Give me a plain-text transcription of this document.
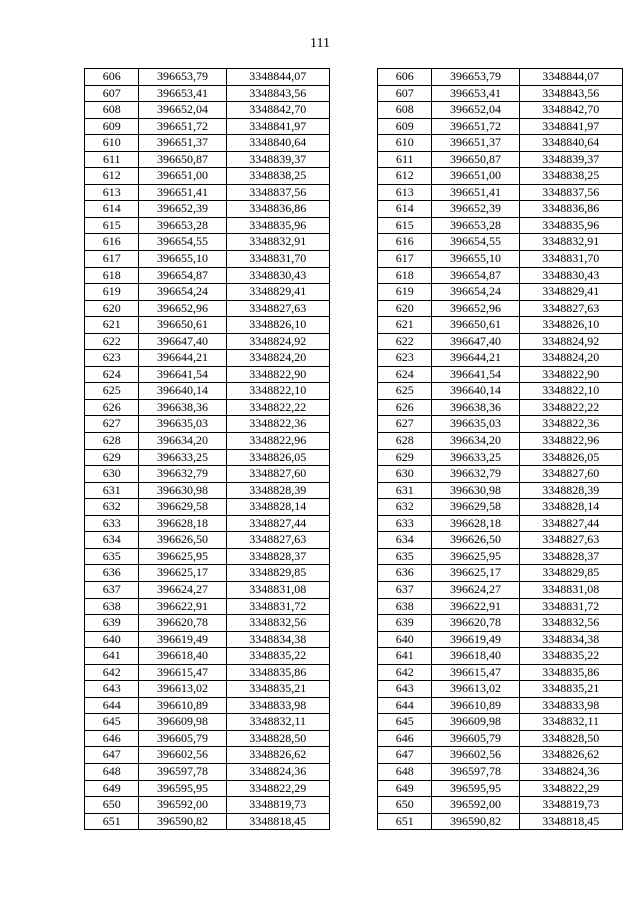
111
606	396653,79	3348844,07
607	396653,41	3348843,56
608	396652,04	3348842,70
609	396651,72	3348841,97
610	396651,37	3348840,64
611	396650,87	3348839,37
612	396651,00	3348838,25
613	396651,41	3348837,56
614	396652,39	3348836,86
615	396653,28	3348835,96
616	396654,55	3348832,91
617	396655,10	3348831,70
618	396654,87	3348830,43
619	396654,24	3348829,41
620	396652,96	3348827,63
621	396650,61	3348826,10
622	396647,40	3348824,92
623	396644,21	3348824,20
624	396641,54	3348822,90
625	396640,14	3348822,10
626	396638,36	3348822,22
627	396635,03	3348822,36
628	396634,20	3348822,96
629	396633,25	3348826,05
630	396632,79	3348827,60
631	396630,98	3348828,39
632	396629,58	3348828,14
633	396628,18	3348827,44
634	396626,50	3348827,63
635	396625,95	3348828,37
636	396625,17	3348829,85
637	396624,27	3348831,08
638	396622,91	3348831,72
639	396620,78	3348832,56
640	396619,49	3348834,38
641	396618,40	3348835,22
642	396615,47	3348835,86
643	396613,02	3348835,21
644	396610,89	3348833,98
645	396609,98	3348832,11
646	396605,79	3348828,50
647	396602,56	3348826,62
648	396597,78	3348824,36
649	396595,95	3348822,29
650	396592,00	3348819,73
651	396590,82	3348818,45
606	396653,79	3348844,07
607	396653,41	3348843,56
608	396652,04	3348842,70
609	396651,72	3348841,97
610	396651,37	3348840,64
611	396650,87	3348839,37
612	396651,00	3348838,25
613	396651,41	3348837,56
614	396652,39	3348836,86
615	396653,28	3348835,96
616	396654,55	3348832,91
617	396655,10	3348831,70
618	396654,87	3348830,43
619	396654,24	3348829,41
620	396652,96	3348827,63
621	396650,61	3348826,10
622	396647,40	3348824,92
623	396644,21	3348824,20
624	396641,54	3348822,90
625	396640,14	3348822,10
626	396638,36	3348822,22
627	396635,03	3348822,36
628	396634,20	3348822,96
629	396633,25	3348826,05
630	396632,79	3348827,60
631	396630,98	3348828,39
632	396629,58	3348828,14
633	396628,18	3348827,44
634	396626,50	3348827,63
635	396625,95	3348828,37
636	396625,17	3348829,85
637	396624,27	3348831,08
638	396622,91	3348831,72
639	396620,78	3348832,56
640	396619,49	3348834,38
641	396618,40	3348835,22
642	396615,47	3348835,86
643	396613,02	3348835,21
644	396610,89	3348833,98
645	396609,98	3348832,11
646	396605,79	3348828,50
647	396602,56	3348826,62
648	396597,78	3348824,36
649	396595,95	3348822,29
650	396592,00	3348819,73
651	396590,82	3348818,45
